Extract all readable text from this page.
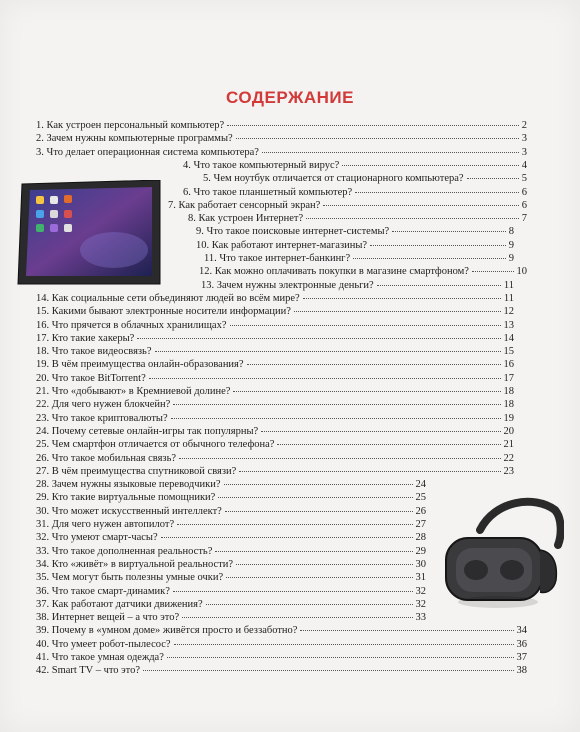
СОДЕРЖАНИЕ
1. Как устроен персональный компьютер?	2
2. Зачем нужны компьютерные программы?	3
3. Что делает операционная система компьютера?	3
4. Что такое компьютерный вирус?	4
5. Чем ноутбук отличается от стационарного компьютера?	5
6. Что такое планшетный компьютер?	6
7. Как работает сенсорный экран?	6
8. Как устроен Интернет?	7
9. Что такое поисковые интернет-системы?	8
10. Как работают интернет-магазины?	9
11. Что такое интернет-банкинг?	9
12. Как можно оплачивать покупки в магазине смартфоном?	10
13. Зачем нужны электронные деньги?	11
14. Как социальные сети объединяют людей во всём мире?	11
15. Какими бывают электронные носители информации?	12
16. Что прячется в облачных хранилищах?	13
17. Кто такие хакеры?	14
18. Что такое видеосвязь?	15
19. В чём преимущества онлайн-образования?	16
20. Что такое BitTorrent?	17
21. Что «добывают» в Кремниевой долине?	18
22. Для чего нужен блокчейн?	18
23. Что такое криптовалюты?	19
24. Почему сетевые онлайн-игры так популярны?	20
25. Чем смартфон отличается от обычного телефона?	21
26. Что такое мобильная связь?	22
27. В чём преимущества спутниковой связи?	23
28. Зачем нужны языковые переводчики?	24
29. Кто такие виртуальные помощники?	25
30. Что может искусственный интеллект?	26
31. Для чего нужен автопилот?	27
32. Что умеют смарт-часы?	28
33. Что такое дополненная реальность?	29
34. Кто «живёт» в виртуальной реальности?	30
35. Чем могут быть полезны умные очки?	31
36. Что такое смарт-динамик?	32
37. Как работают датчики движения?	32
38. Интернет вещей – а что это?	33
39. Почему в «умном доме» живётся просто и беззаботно?	34
40. Что умеет робот-пылесос?	36
41. Что такое умная одежда?	37
42. Smart TV – что это?	38
